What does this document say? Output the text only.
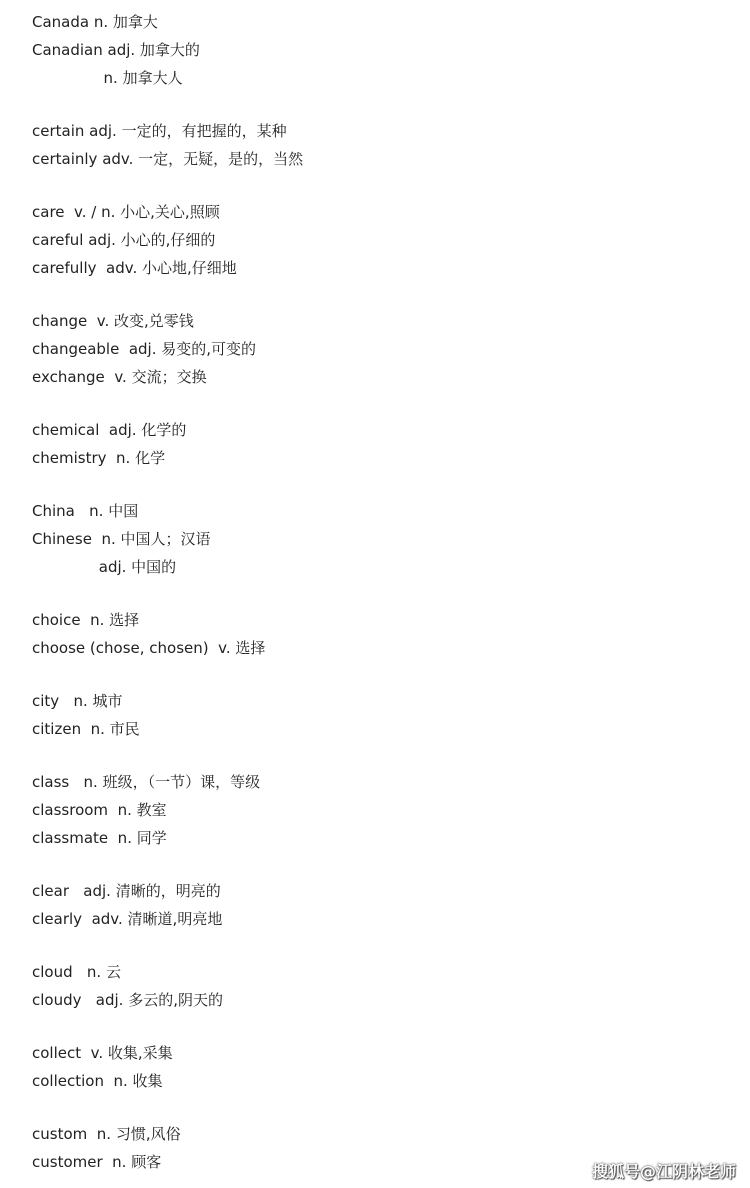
Canada n. 加拿大
Canadian adj. 加拿大的
n. 加拿大人
certain adj. 一定的，有把握的，某种
certainly adv. 一定，无疑，是的，当然
care  v. / n. 小心,关心,照顾
careful adj. 小心的,仔细的
carefully  adv. 小心地,仔细地
change  v. 改变,兑零钱
changeable  adj. 易变的,可变的
exchange  v. 交流；交换
chemical  adj. 化学的
chemistry  n. 化学
China   n. 中国
Chinese  n. 中国人；汉语
adj. 中国的
choice  n. 选择
choose (chose, chosen)  v. 选择
city   n. 城市
citizen  n. 市民
class   n. 班级，（一节）课，等级
classroom  n. 教室
classmate  n. 同学
clear   adj. 清晰的，明亮的
clearly  adv. 清晰道,明亮地
cloud   n. 云
cloudy   adj. 多云的,阴天的
collect  v. 收集,采集
collection  n. 收集
custom  n. 习惯,风俗
customer  n. 顾客	搜狐号@江阴林老师
